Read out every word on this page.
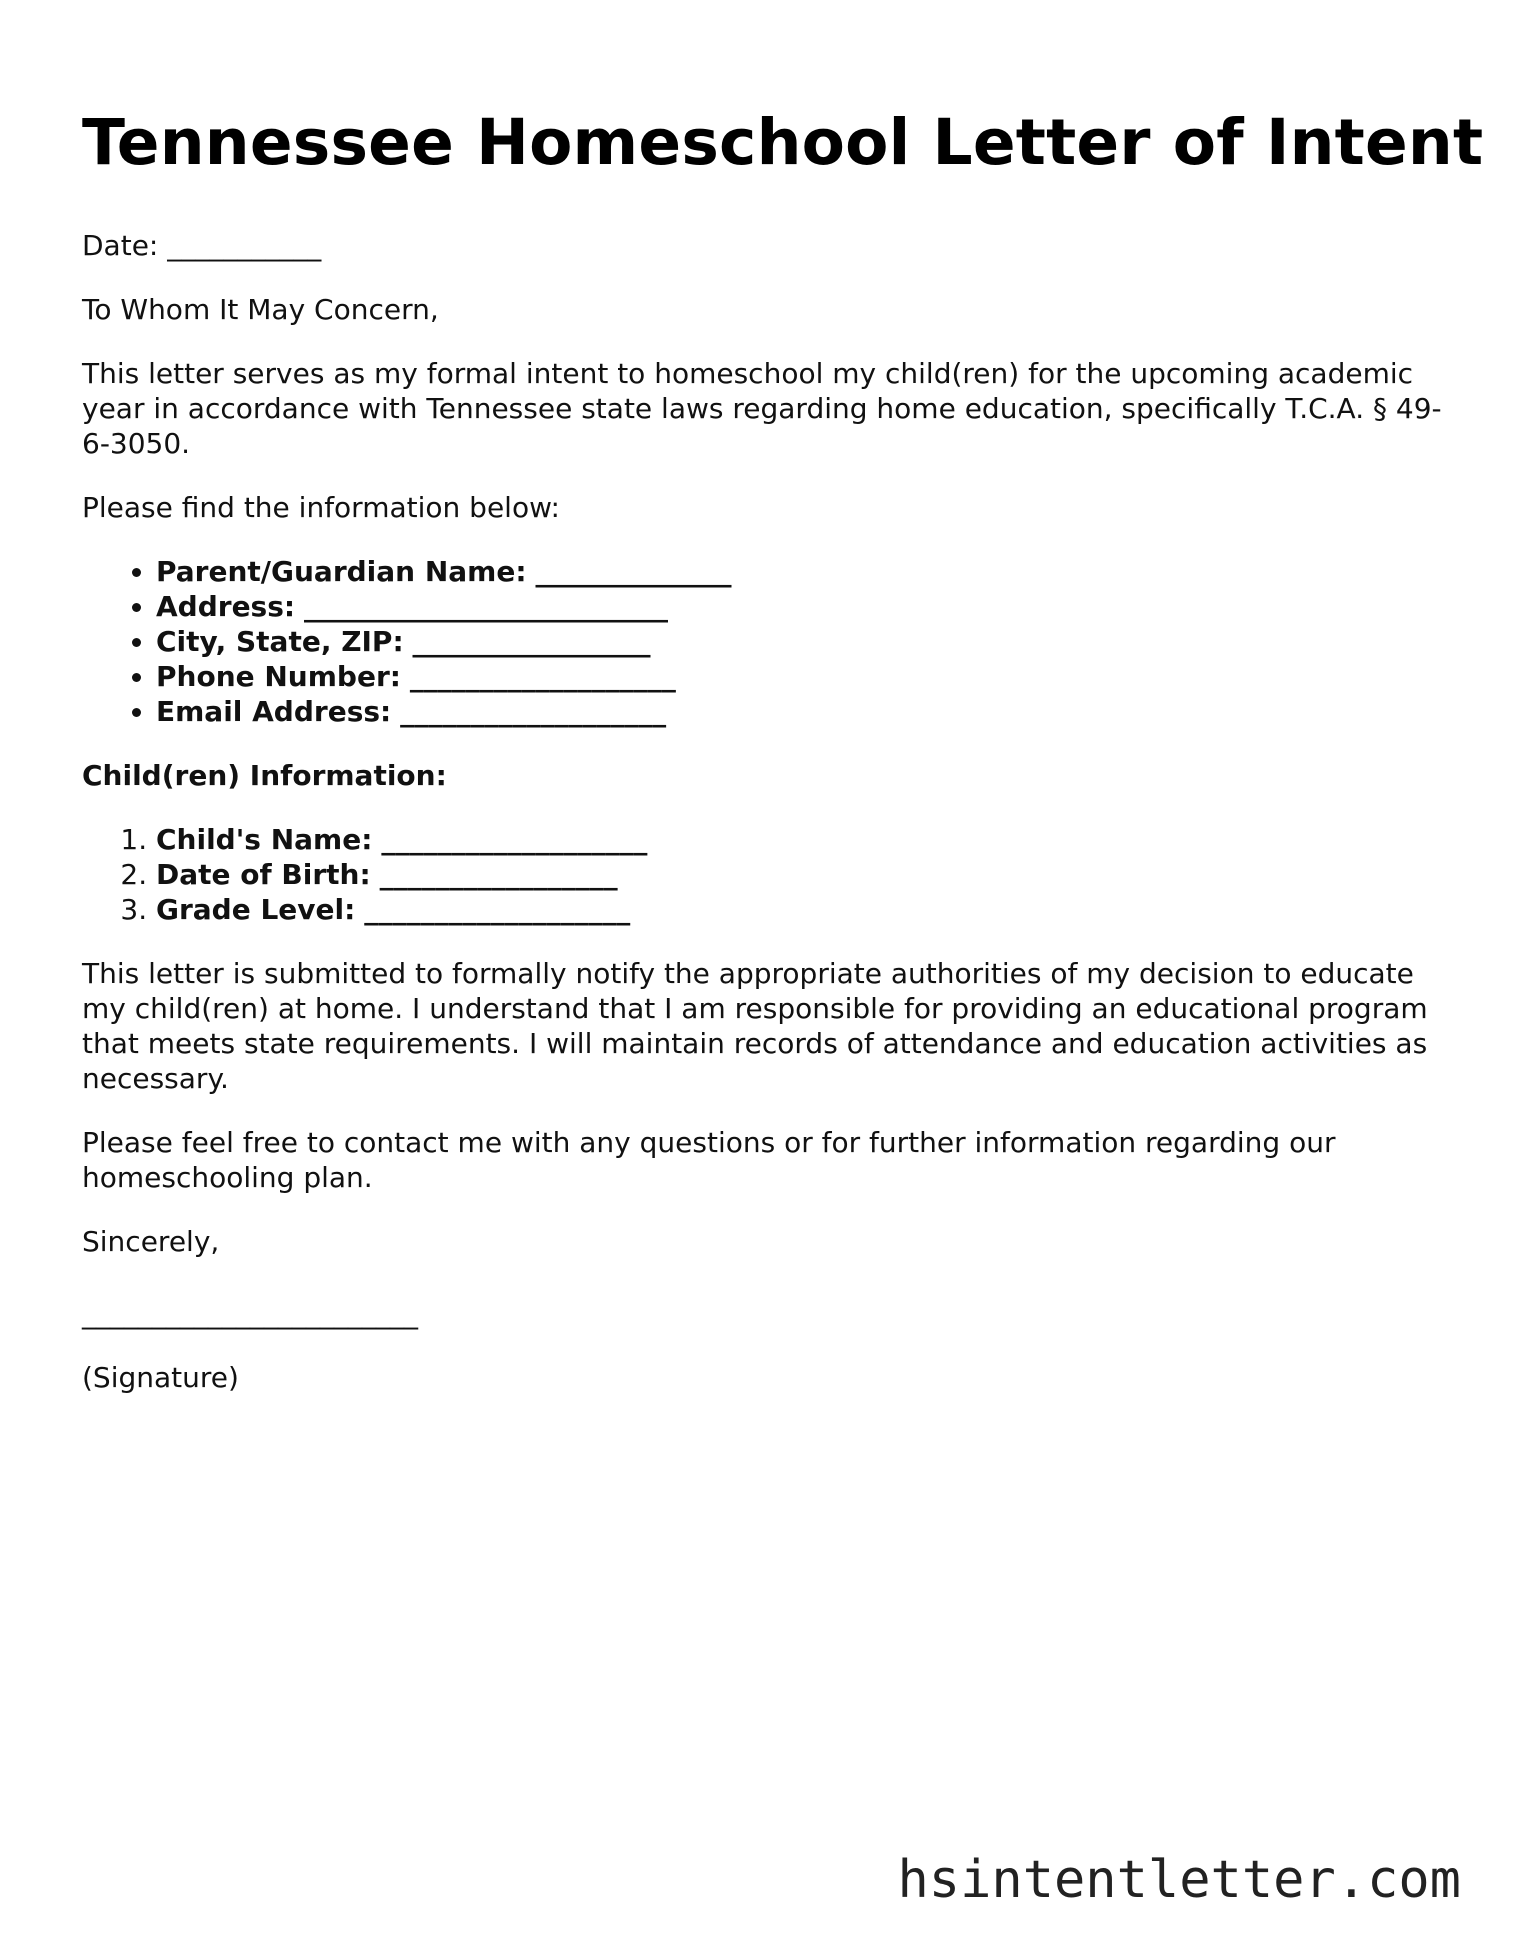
Tennessee Homeschool Letter of Intent

Date: ___________

To Whom It May Concern,

This letter serves as my formal intent to homeschool my child(ren) for the upcoming academic year in accordance with Tennessee state laws regarding home education, specifically T.C.A. § 49-6-3050.

Please find the information below:

• Parent/Guardian Name: ______________
• Address: __________________________
• City, State, ZIP: _________________
• Phone Number: ___________________
• Email Address: ___________________

Child(ren) Information:

1. Child's Name: ___________________
2. Date of Birth: _________________
3. Grade Level: ___________________

This letter is submitted to formally notify the appropriate authorities of my decision to educate my child(ren) at home. I understand that I am responsible for providing an educational program that meets state requirements. I will maintain records of attendance and education activities as necessary.

Please feel free to contact me with any questions or for further information regarding our homeschooling plan.

Sincerely,

________________________

(Signature)

hsintentletter.com
